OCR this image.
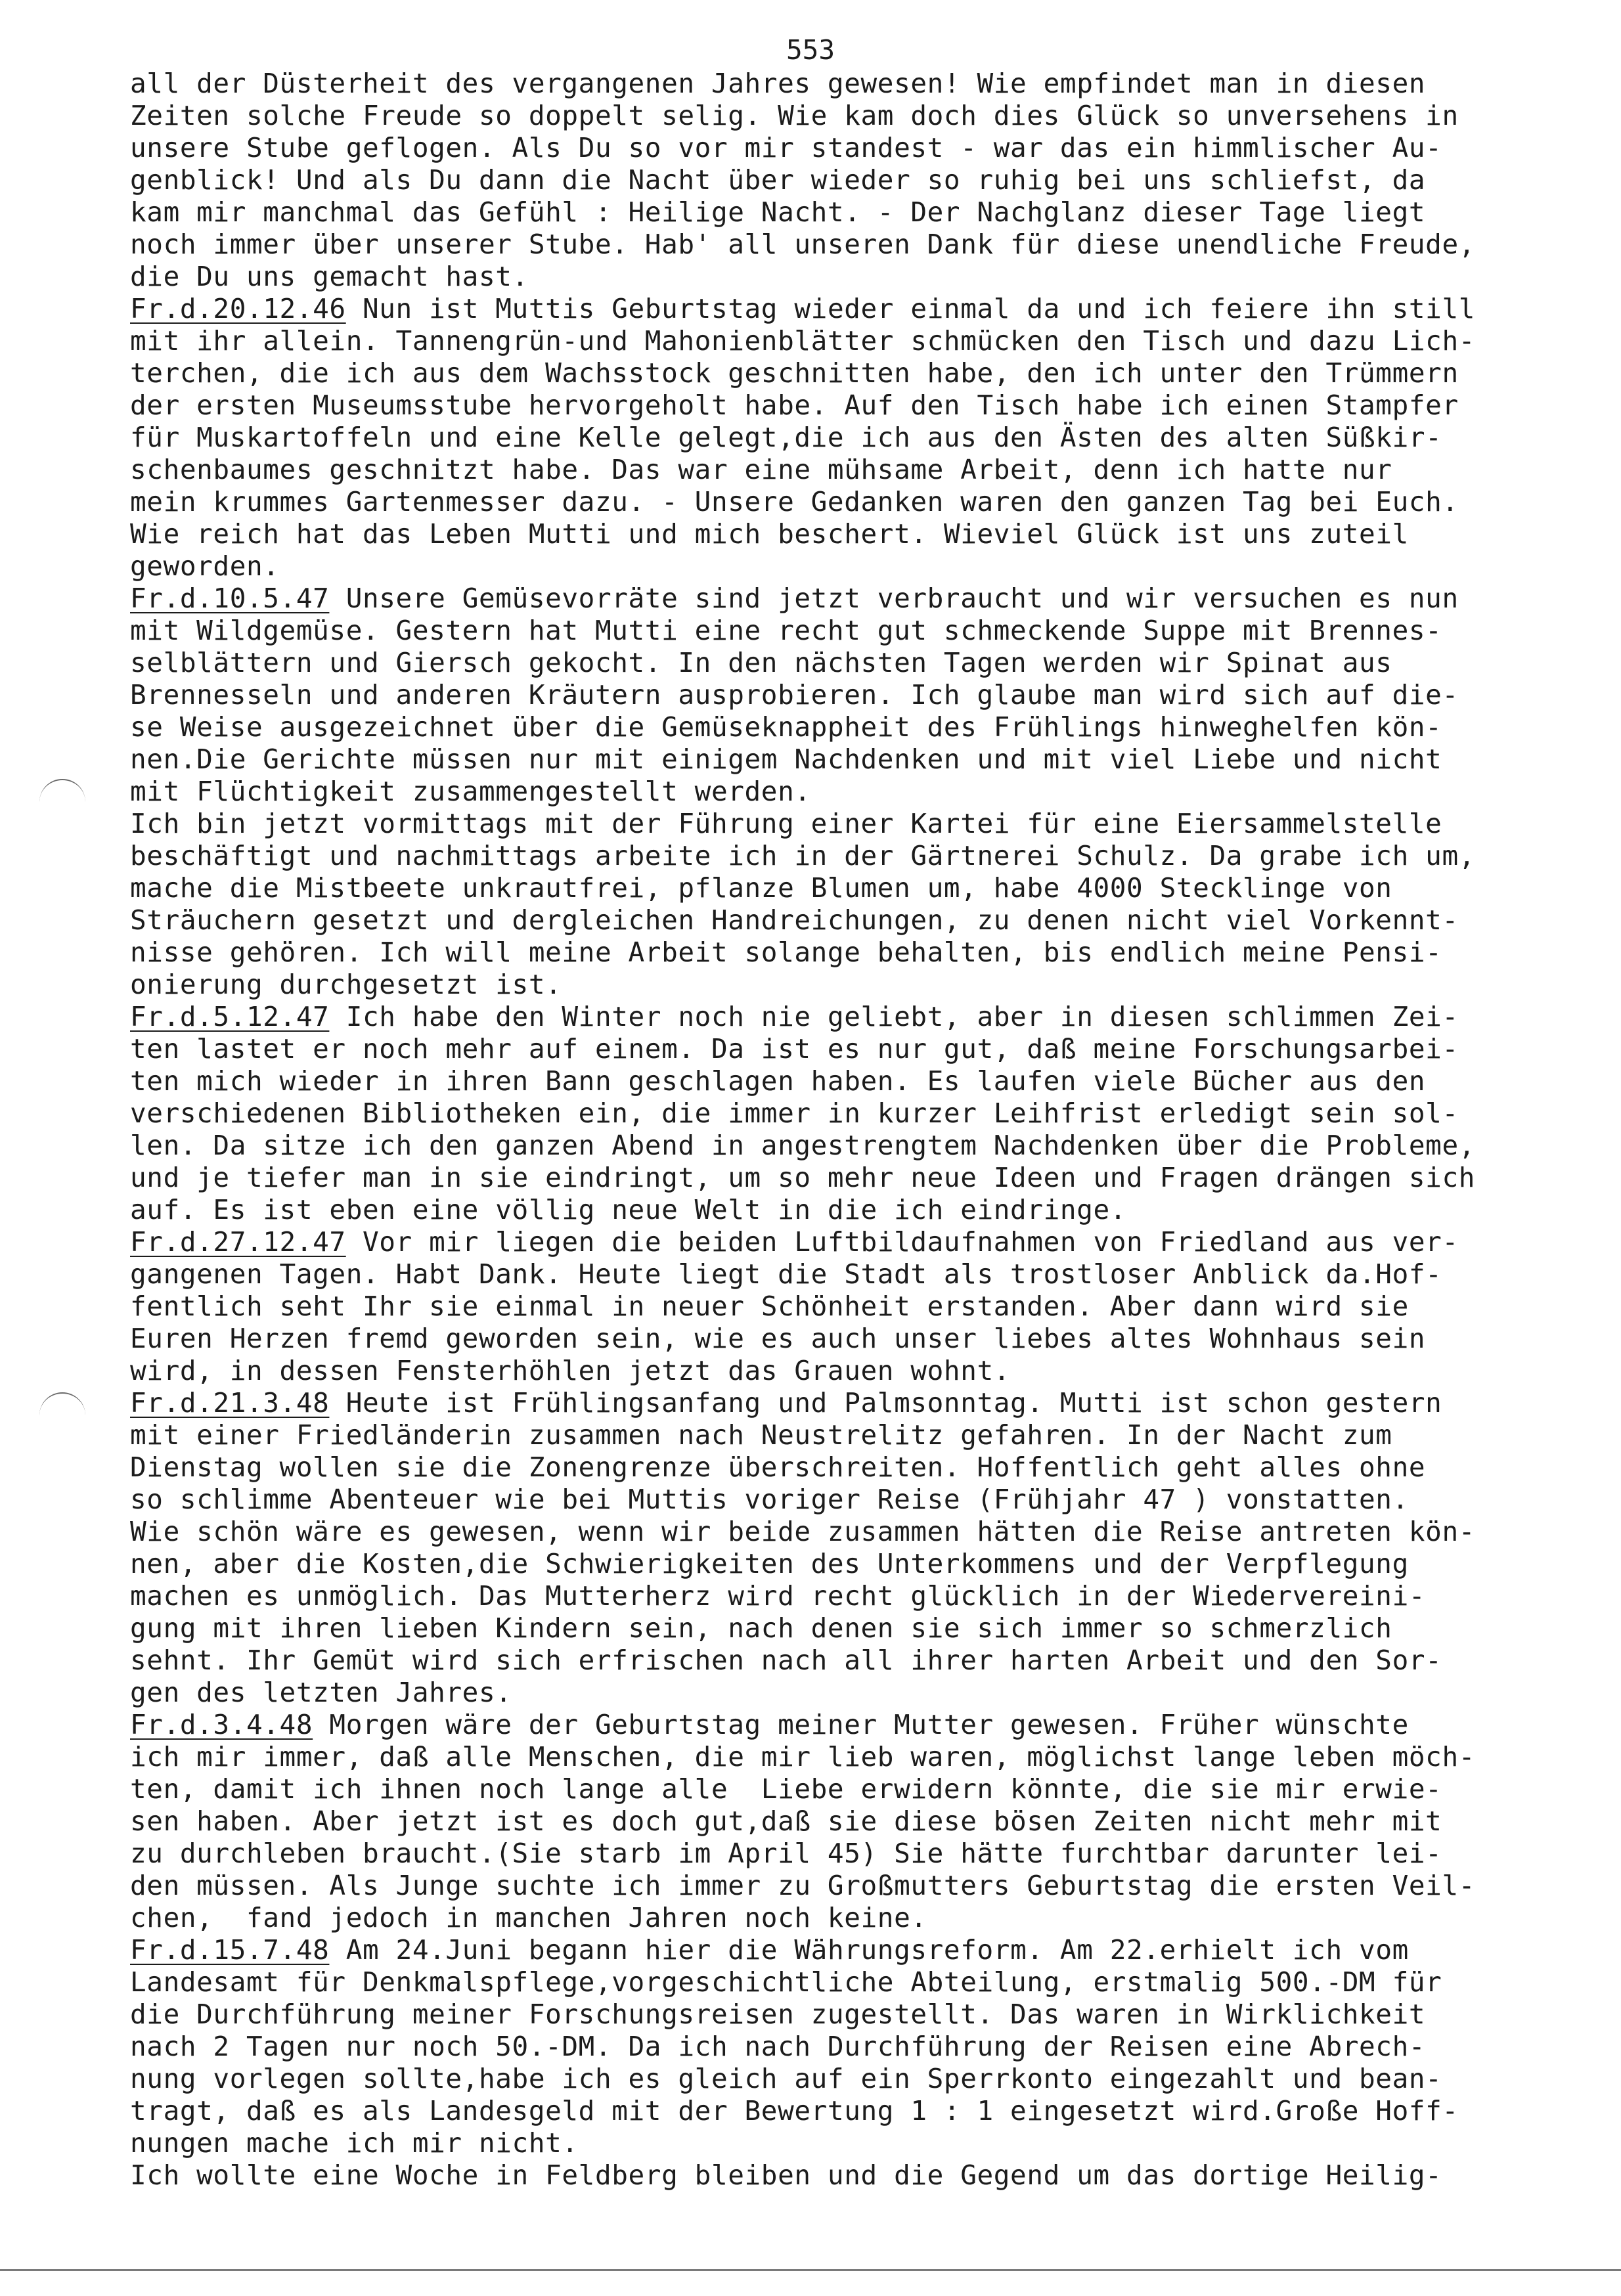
553
all der Düsterheit des vergangenen Jahres gewesen! Wie empfindet man in diesen
Zeiten solche Freude so doppelt selig. Wie kam doch dies Glück so unversehens in
unsere Stube geflogen. Als Du so vor mir standest - war das ein himmlischer Au-
genblick! Und als Du dann die Nacht über wieder so ruhig bei uns schliefst, da
kam mir manchmal das Gefühl : Heilige Nacht. - Der Nachglanz dieser Tage liegt
noch immer über unserer Stube. Hab' all unseren Dank für diese unendliche Freude,
die Du uns gemacht hast.
Fr.d.20.12.46 Nun ist Muttis Geburtstag wieder einmal da und ich feiere ihn still
mit ihr allein. Tannengrün-und Mahonienblätter schmücken den Tisch und dazu Lich-
terchen, die ich aus dem Wachsstock geschnitten habe, den ich unter den Trümmern
der ersten Museumsstube hervorgeholt habe. Auf den Tisch habe ich einen Stampfer
für Muskartoffeln und eine Kelle gelegt,die ich aus den Ästen des alten Süßkir-
schenbaumes geschnitzt habe. Das war eine mühsame Arbeit, denn ich hatte nur
mein krummes Gartenmesser dazu. - Unsere Gedanken waren den ganzen Tag bei Euch.
Wie reich hat das Leben Mutti und mich beschert. Wieviel Glück ist uns zuteil
geworden.
Fr.d.10.5.47 Unsere Gemüsevorräte sind jetzt verbraucht und wir versuchen es nun
mit Wildgemüse. Gestern hat Mutti eine recht gut schmeckende Suppe mit Brennes-
selblättern und Giersch gekocht. In den nächsten Tagen werden wir Spinat aus
Brennesseln und anderen Kräutern ausprobieren. Ich glaube man wird sich auf die-
se Weise ausgezeichnet über die Gemüseknappheit des Frühlings hinweghelfen kön-
nen.Die Gerichte müssen nur mit einigem Nachdenken und mit viel Liebe und nicht
mit Flüchtigkeit zusammengestellt werden.
Ich bin jetzt vormittags mit der Führung einer Kartei für eine Eiersammelstelle
beschäftigt und nachmittags arbeite ich in der Gärtnerei Schulz. Da grabe ich um,
mache die Mistbeete unkrautfrei, pflanze Blumen um, habe 4000 Stecklinge von
Sträuchern gesetzt und dergleichen Handreichungen, zu denen nicht viel Vorkennt-
nisse gehören. Ich will meine Arbeit solange behalten, bis endlich meine Pensi-
onierung durchgesetzt ist.
Fr.d.5.12.47 Ich habe den Winter noch nie geliebt, aber in diesen schlimmen Zei-
ten lastet er noch mehr auf einem. Da ist es nur gut, daß meine Forschungsarbei-
ten mich wieder in ihren Bann geschlagen haben. Es laufen viele Bücher aus den
verschiedenen Bibliotheken ein, die immer in kurzer Leihfrist erledigt sein sol-
len. Da sitze ich den ganzen Abend in angestrengtem Nachdenken über die Probleme,
und je tiefer man in sie eindringt, um so mehr neue Ideen und Fragen drängen sich
auf. Es ist eben eine völlig neue Welt in die ich eindringe.
Fr.d.27.12.47 Vor mir liegen die beiden Luftbildaufnahmen von Friedland aus ver-
gangenen Tagen. Habt Dank. Heute liegt die Stadt als trostloser Anblick da.Hof-
fentlich seht Ihr sie einmal in neuer Schönheit erstanden. Aber dann wird sie
Euren Herzen fremd geworden sein, wie es auch unser liebes altes Wohnhaus sein
wird, in dessen Fensterhöhlen jetzt das Grauen wohnt.
Fr.d.21.3.48 Heute ist Frühlingsanfang und Palmsonntag. Mutti ist schon gestern
mit einer Friedländerin zusammen nach Neustrelitz gefahren. In der Nacht zum
Dienstag wollen sie die Zonengrenze überschreiten. Hoffentlich geht alles ohne
so schlimme Abenteuer wie bei Muttis voriger Reise (Frühjahr 47 ) vonstatten.
Wie schön wäre es gewesen, wenn wir beide zusammen hätten die Reise antreten kön-
nen, aber die Kosten,die Schwierigkeiten des Unterkommens und der Verpflegung
machen es unmöglich. Das Mutterherz wird recht glücklich in der Wiedervereini-
gung mit ihren lieben Kindern sein, nach denen sie sich immer so schmerzlich
sehnt. Ihr Gemüt wird sich erfrischen nach all ihrer harten Arbeit und den Sor-
gen des letzten Jahres.
Fr.d.3.4.48 Morgen wäre der Geburtstag meiner Mutter gewesen. Früher wünschte
ich mir immer, daß alle Menschen, die mir lieb waren, möglichst lange leben möch-
ten, damit ich ihnen noch lange alle  Liebe erwidern könnte, die sie mir erwie-
sen haben. Aber jetzt ist es doch gut,daß sie diese bösen Zeiten nicht mehr mit
zu durchleben braucht.(Sie starb im April 45) Sie hätte furchtbar darunter lei-
den müssen. Als Junge suchte ich immer zu Großmutters Geburtstag die ersten Veil-
chen,  fand jedoch in manchen Jahren noch keine.
Fr.d.15.7.48 Am 24.Juni begann hier die Währungsreform. Am 22.erhielt ich vom
Landesamt für Denkmalspflege,vorgeschichtliche Abteilung, erstmalig 500.-DM für
die Durchführung meiner Forschungsreisen zugestellt. Das waren in Wirklichkeit
nach 2 Tagen nur noch 50.-DM. Da ich nach Durchführung der Reisen eine Abrech-
nung vorlegen sollte,habe ich es gleich auf ein Sperrkonto eingezahlt und bean-
tragt, daß es als Landesgeld mit der Bewertung 1 : 1 eingesetzt wird.Große Hoff-
nungen mache ich mir nicht.
Ich wollte eine Woche in Feldberg bleiben und die Gegend um das dortige Heilig-
